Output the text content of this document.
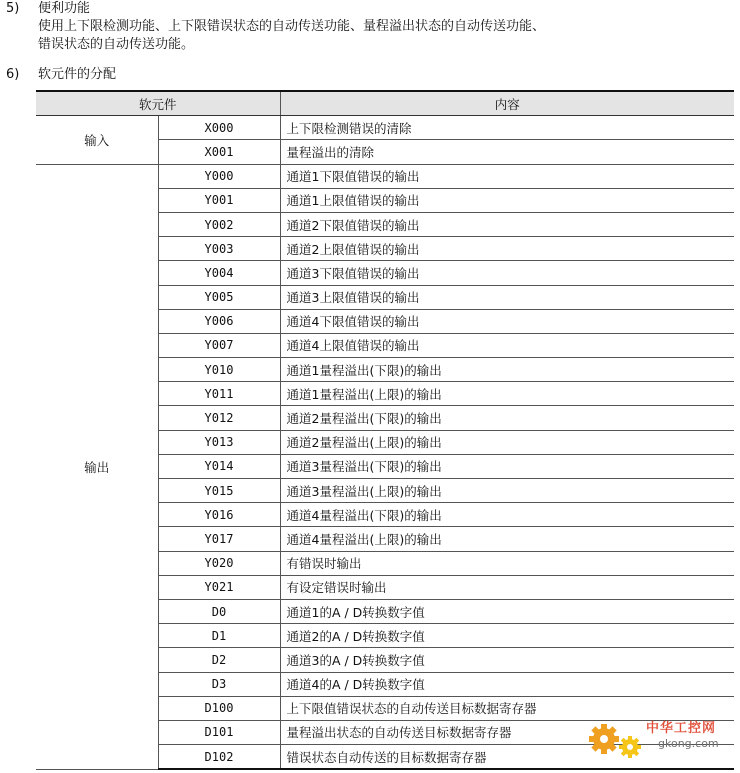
5)	便利功能
使用上下限检测功能、上下限错误状态的自动传送功能、量程溢出状态的自动传送功能、
错误状态的自动传送功能。
6)	软元件的分配
软元件		内容
输入	X000	上下限检测错误的清除
	X001	量程溢出的清除
输出	Y000	通道1下限值错误的输出
	Y001	通道1上限值错误的输出
	Y002	通道2下限值错误的输出
	Y003	通道2上限值错误的输出
	Y004	通道3下限值错误的输出
	Y005	通道3上限值错误的输出
	Y006	通道4下限值错误的输出
	Y007	通道4上限值错误的输出
	Y010	通道1量程溢出(下限)的输出
	Y011	通道1量程溢出(上限)的输出
	Y012	通道2量程溢出(下限)的输出
	Y013	通道2量程溢出(上限)的输出
	Y014	通道3量程溢出(下限)的输出
	Y015	通道3量程溢出(上限)的输出
	Y016	通道4量程溢出(下限)的输出
	Y017	通道4量程溢出(上限)的输出
	Y020	有错误时输出
	Y021	有设定错误时输出
	D0	通道1的A / D转换数字值
	D1	通道2的A / D转换数字值
	D2	通道3的A / D转换数字值
	D3	通道4的A / D转换数字值
	D100	上下限值错误状态的自动传送目标数据寄存器
	D101	量程溢出状态的自动传送目标数据寄存器
	D102	错误状态自动传送的目标数据寄存器
中华工控网
gkong.com
